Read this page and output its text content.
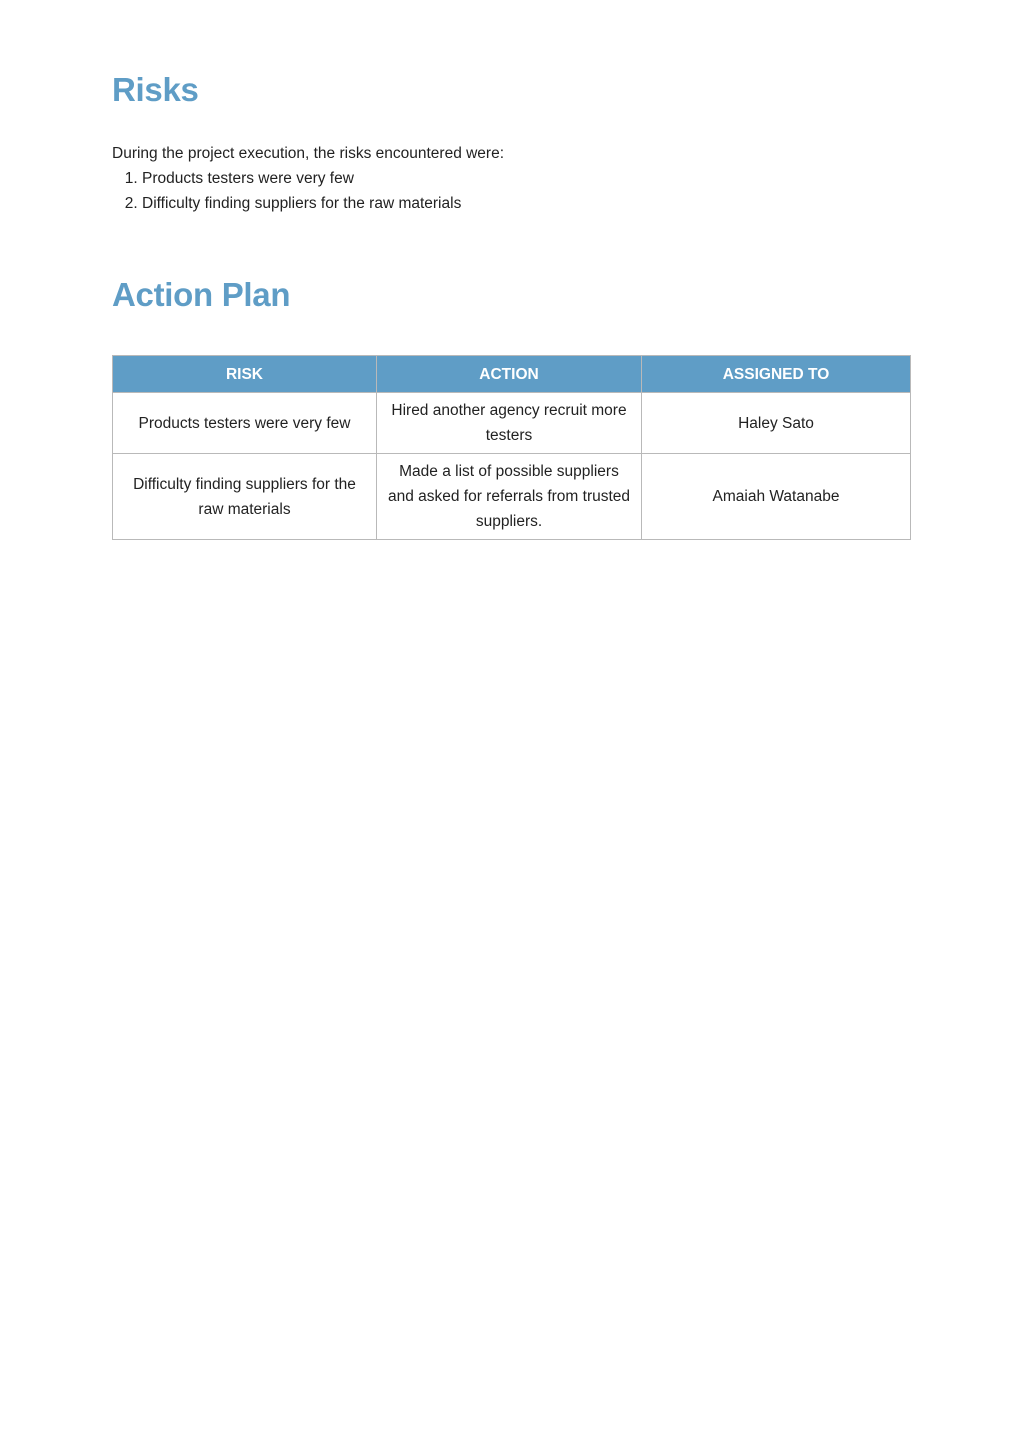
Risks

During the project execution, the risks encountered were:

1. Products testers were very few
2. Difficulty finding suppliers for the raw materials
Action Plan
RISK	ACTION	ASSIGNED TO
Products testers were very few	Hired another agency recruit more testers	Haley Sato
Difficulty finding suppliers for the raw materials	Made a list of possible suppliers and asked for referrals from trusted suppliers.	Amaiah Watanabe
